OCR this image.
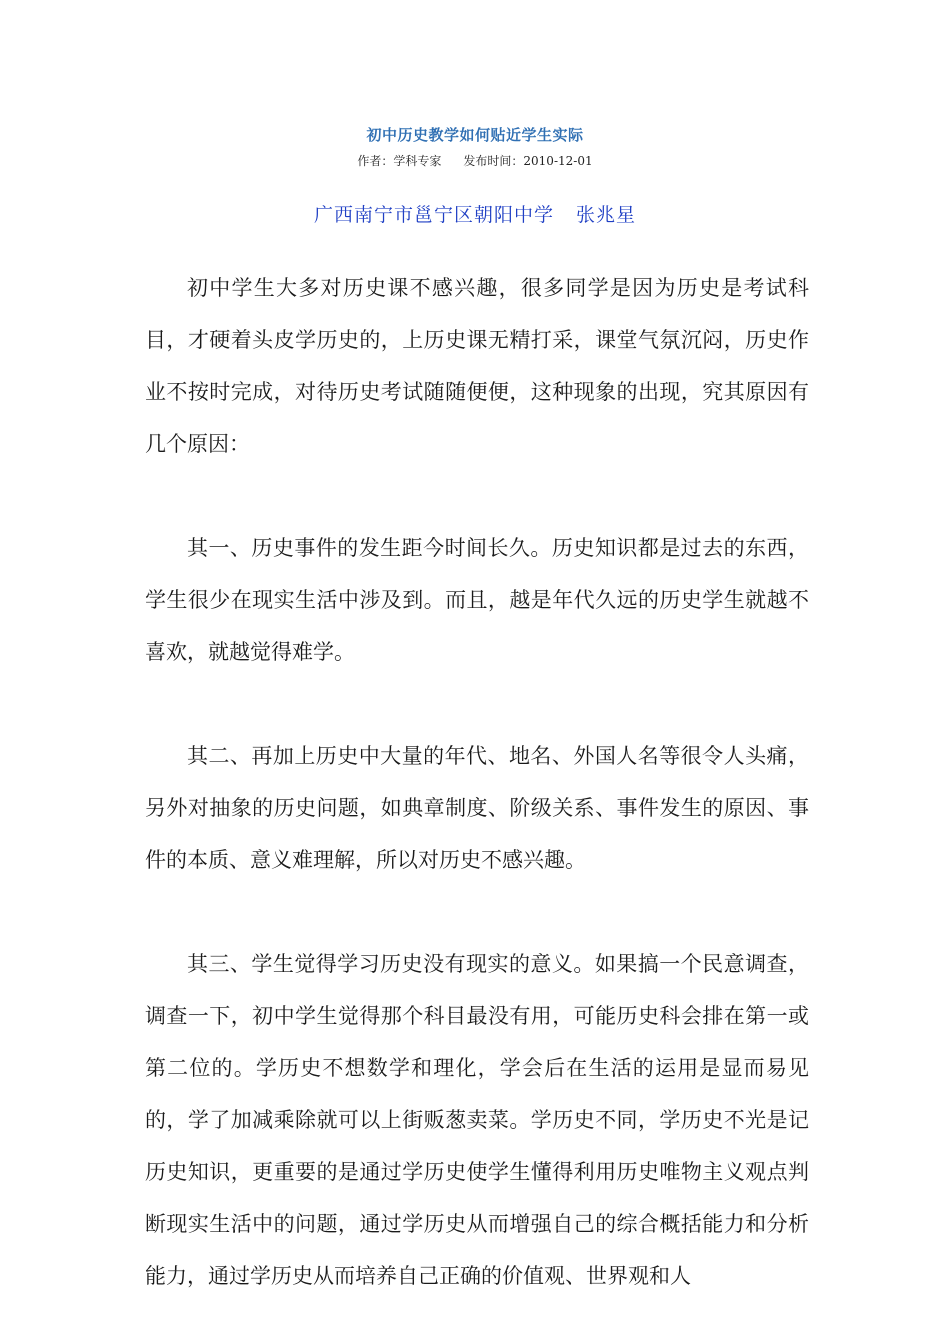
初中历史教学如何贴近学生实际
作者：学科专家 发布时间：2010-12-01
广西南宁市邕宁区朝阳中学 张兆星

初中学生大多对历史课不感兴趣，很多同学是因为历史是考试科目，才硬着头皮学历史的，上历史课无精打采，课堂气氛沉闷，历史作业不按时完成，对待历史考试随随便便，这种现象的出现，究其原因有几个原因：

其一、历史事件的发生距今时间长久。历史知识都是过去的东西，学生很少在现实生活中涉及到。而且，越是年代久远的历史学生就越不喜欢，就越觉得难学。

其二、再加上历史中大量的年代、地名、外国人名等很令人头痛，另外对抽象的历史问题，如典章制度、阶级关系、事件发生的原因、事件的本质、意义难理解，所以对历史不感兴趣。

其三、学生觉得学习历史没有现实的意义。如果搞一个民意调查，调查一下，初中学生觉得那个科目最没有用，可能历史科会排在第一或第二位的。学历史不想数学和理化，学会后在生活的运用是显而易见的，学了加减乘除就可以上街贩葱卖菜。学历史不同，学历史不光是记历史知识，更重要的是通过学历史使学生懂得利用历史唯物主义观点判断现实生活中的问题，通过学历史从而增强自己的综合概括能力和分析能力，通过学历史从而培养自己正确的价值观、世界观和人
